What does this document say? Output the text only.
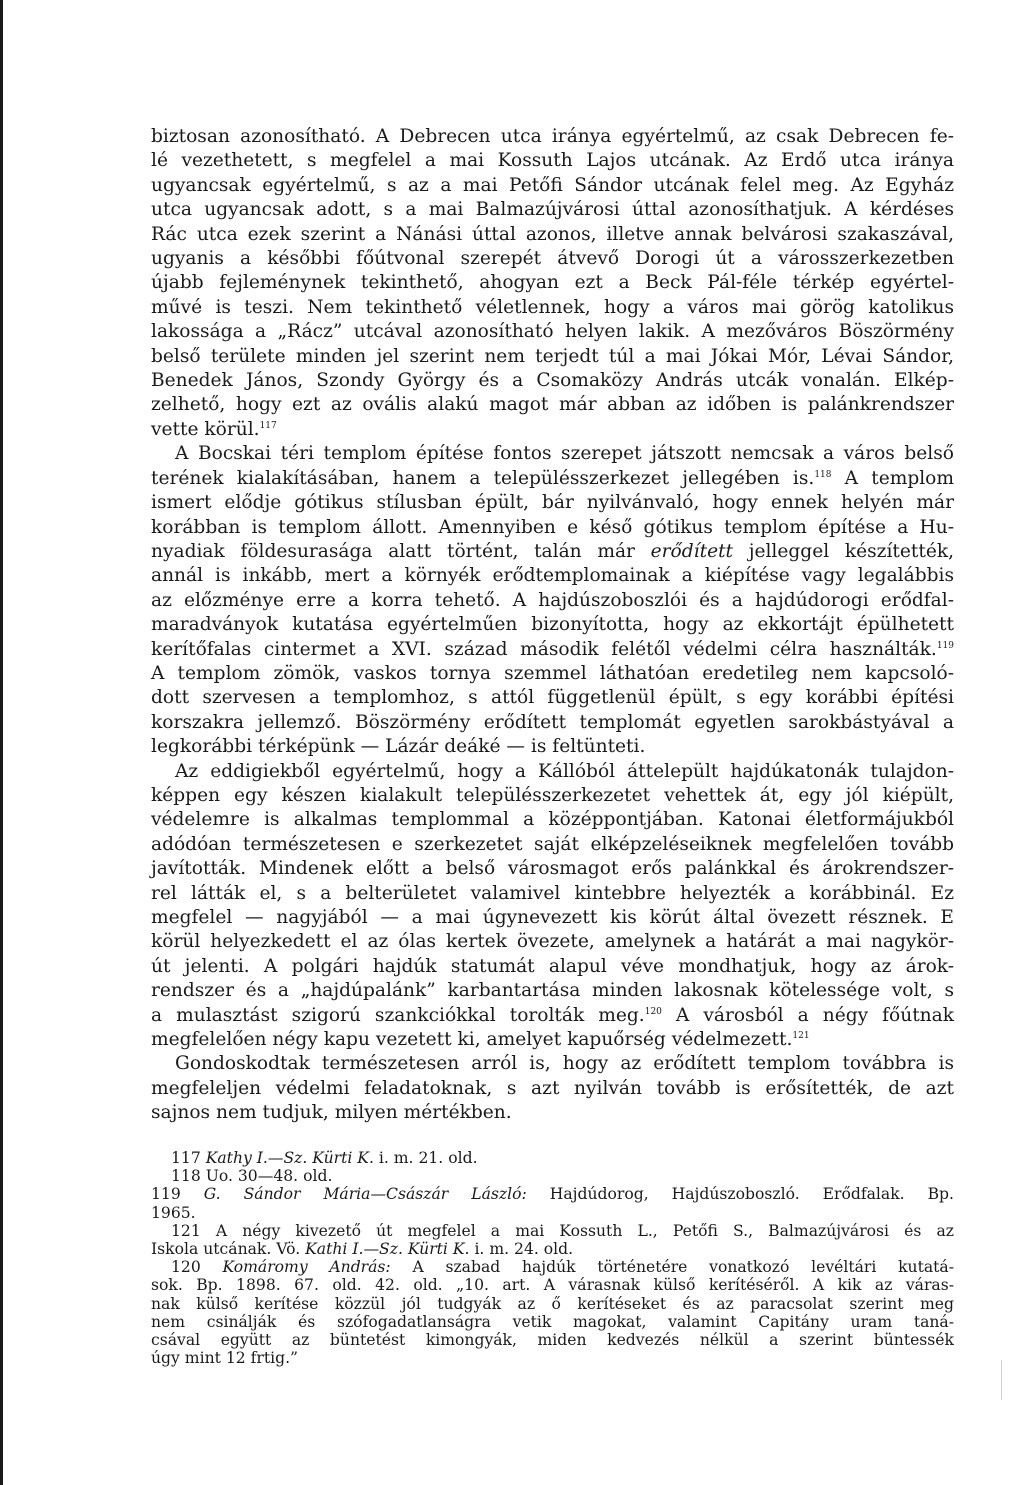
biztosan azonosítható. A Debrecen utca iránya egyértelmű, az csak Debrecen fe-
lé vezethetett, s megfelel a mai Kossuth Lajos utcának. Az Erdő utca iránya
ugyancsak egyértelmű, s az a mai Petőfi Sándor utcának felel meg. Az Egyház
utca ugyancsak adott, s a mai Balmazújvárosi úttal azonosíthatjuk. A kérdéses
Rác utca ezek szerint a Nánási úttal azonos, illetve annak belvárosi szakaszával,
ugyanis a későbbi főútvonal szerepét átvevő Dorogi út a városszerkezetben
újabb fejleménynek tekinthető, ahogyan ezt a Beck Pál-féle térkép egyértel-
művé is teszi. Nem tekinthető véletlennek, hogy a város mai görög katolikus
lakossága a „Rácz” utcával azonosítható helyen lakik. A mezőváros Böszörmény
belső területe minden jel szerint nem terjedt túl a mai Jókai Mór, Lévai Sándor,
Benedek János, Szondy György és a Csomaközy András utcák vonalán. Elkép-
zelhető, hogy ezt az ovális alakú magot már abban az időben is palánkrendszer
vette körül.$^{117}$

A Bocskai téri templom építése fontos szerepet játszott nemcsak a város belső
terének kialakításában, hanem a településszerkezet jellegében is.$^{118}$ A templom
ismert elődje gótikus stílusban épült, bár nyilvánvaló, hogy ennek helyén már
korábban is templom állott. Amennyiben e késő gótikus templom építése a Hu-
nyadiak földesurasága alatt történt, talán már erődített jelleggel készítették,
annál is inkább, mert a környék erődtemplomainak a kiépítése vagy legalábbis
az előzménye erre a korra tehető. A hajdúszoboszlói és a hajdúdorogi erődfal-
maradványok kutatása egyértelműen bizonyította, hogy az ekkortájt épülhetett
kerítőfalas cintermet a XVI. század második felétől védelmi célra használták.$^{119}$
A templom zömök, vaskos tornya szemmel láthatóan eredetileg nem kapcsoló-
dott szervesen a templomhoz, s attól függetlenül épült, s egy korábbi építési
korszakra jellemző. Böszörmény erődített templomát egyetlen sarokbástyával a
legkorábbi térképünk — Lázár deáké — is feltünteti.

Az eddigiekből egyértelmű, hogy a Kállóból áttelepült hajdúkatonák tulajdon-
képpen egy készen kialakult településszerkezetet vehettek át, egy jól kiépült,
védelemre is alkalmas templommal a középpontjában. Katonai életformájukból
adódóan természetesen e szerkezetet saját elképzeléseiknek megfelelően tovább
javították. Mindenek előtt a belső városmagot erős palánkkal és árokrendszer-
rel látták el, s a belterületet valamivel kintebbre helyezték a korábbinál. Ez
megfelel — nagyjából — a mai úgynevezett kis körút által övezett résznek. E
körül helyezkedett el az ólas kertek övezete, amelynek a határát a mai nagykör-
út jelenti. A polgári hajdúk statumát alapul véve mondhatjuk, hogy az árok-
rendszer és a „hajdúpalánk” karbantartása minden lakosnak kötelessége volt, s
a mulasztást szigorú szankciókkal torolták meg.$^{120}$ A városból a négy főútnak
megfelelően négy kapu vezetett ki, amelyet kapuőrség védelmezett.$^{121}$

Gondoskodtak természetesen arról is, hogy az erődített templom továbbra is
megfeleljen védelmi feladatoknak, s azt nyilván tovább is erősítették, de azt
sajnos nem tudjuk, milyen mértékben.

117 Kathy I.—Sz. Kürti K. i. m. 21. old.

118 Uo. 30—48. old.

119 G. Sándor Mária—Császár László: Hajdúdorog, Hajdúszoboszló. Erődfalak. Bp.
1965.

121 A négy kivezető út megfelel a mai Kossuth L., Petőfi S., Balmazújvárosi és az
Iskola utcának. Vö. Kathi I.—Sz. Kürti K. i. m. 24. old.

120 Komáromy András: A szabad hajdúk történetére vonatkozó levéltári kutatá-
sok. Bp. 1898. 67. old. 42. old. „10. art. A várasnak külső kerítéséről. A kik az váras-
nak külső kerítése közzül jól tudgyák az ő kerítéseket és az paracsolat szerint meg
nem csinálják és szófogadatlanságra vetik magokat, valamint Capitány uram taná-
csával együtt az büntetést kimongyák, miden kedvezés nélkül a szerint büntessék
úgy mint 12 frtig.”
